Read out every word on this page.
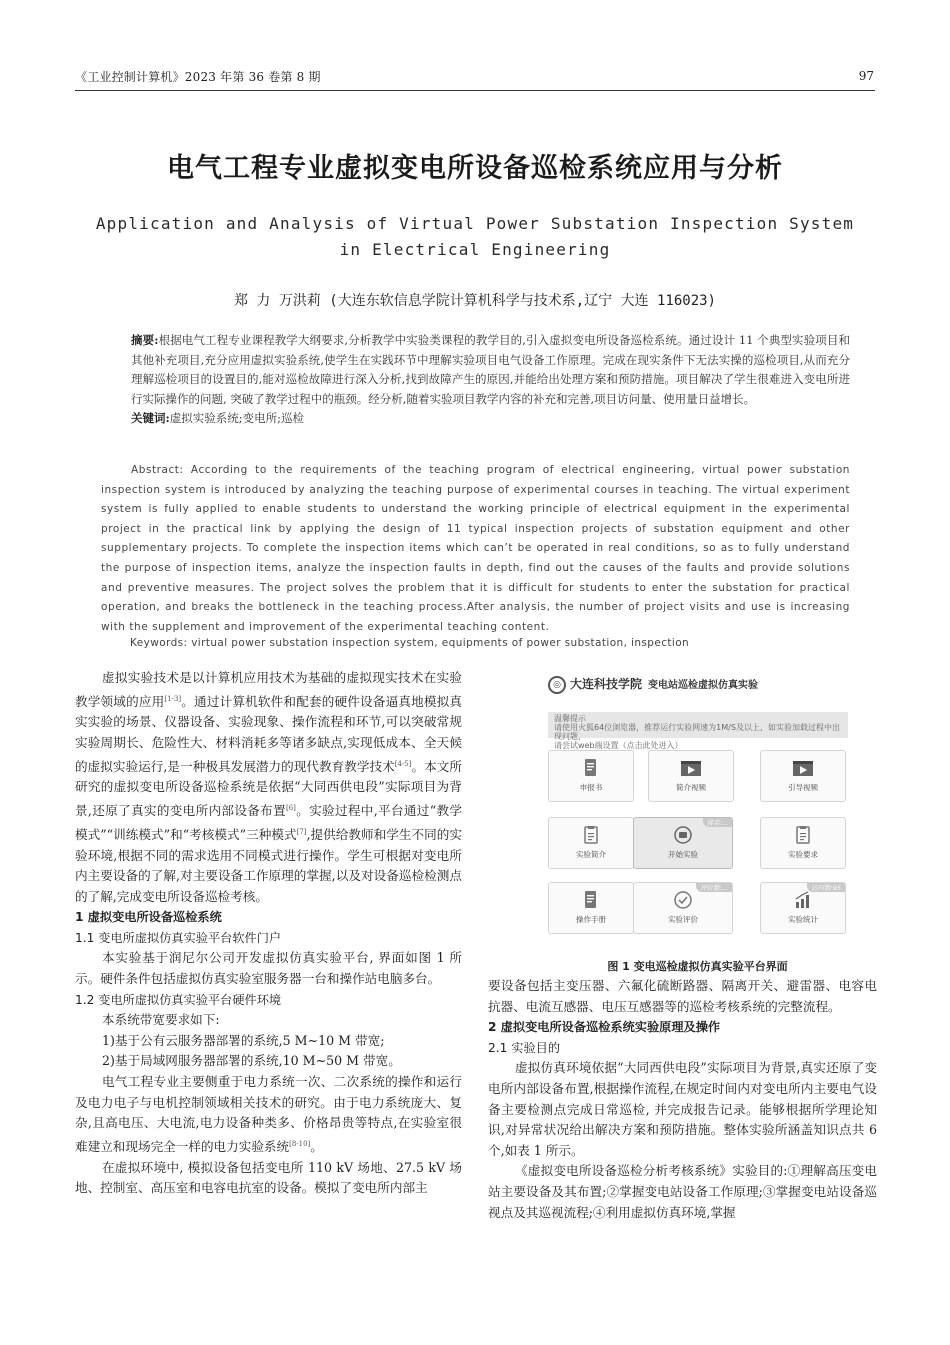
《工业控制计算机》2023 年第 36 卷第 8 期	97
电气工程专业虚拟变电所设备巡检系统应用与分析
Application and Analysis of Virtual Power Substation Inspection System
in Electrical Engineering
郑 力 万洪莉 (大连东软信息学院计算机科学与技术系,辽宁 大连 116023)
摘要:根据电气工程专业课程教学大纲要求,分析教学中实验类课程的教学目的,引入虚拟变电所设备巡检系统。通过设计 11 个典型实验项目和其他补充项目,充分应用虚拟实验系统,使学生在实践环节中理解实验项目电气设备工作原理。完成在现实条件下无法实操的巡检项目,从而充分理解巡检项目的设置目的,能对巡检故障进行深入分析,找到故障产生的原因,并能给出处理方案和预防措施。项目解决了学生很难进入变电所进行实际操作的问题, 突破了教学过程中的瓶颈。经分析,随着实验项目教学内容的补充和完善,项目访问量、使用量日益增长。
关键词:虚拟实验系统;变电所;巡检

Abstract: According to the requirements of the teaching program of electrical engineering, virtual power substation inspection system is introduced by analyzing the teaching purpose of experimental courses in teaching. The virtual experiment system is fully applied to enable students to understand the working principle of electrical equipment in the experimental project in the practical link by applying the design of 11 typical inspection projects of substation equipment and other supplementary projects. To complete the inspection items which can’t be operated in real conditions, so as to fully understand the purpose of inspection items, analyze the inspection faults in depth, find out the causes of the faults and provide solutions and preventive measures. The project solves the problem that it is difficult for students to enter the substation for practical operation, and breaks the bottleneck in the teaching process.After analysis, the number of project visits and use is increasing with the supplement and improvement of the experimental teaching content.

Keywords: virtual power substation inspection system, equipments of power substation, inspection

虚拟实验技术是以计算机应用技术为基础的虚拟现实技术在实验教学领域的应用[1-3]。通过计算机软件和配套的硬件设备逼真地模拟真实实验的场景、仪器设备、实验现象、操作流程和环节,可以突破常规实验周期长、危险性大、材料消耗多等诸多缺点,实现低成本、全天候的虚拟实验运行,是一种极具发展潜力的现代教育教学技术[4-5]。本文所研究的虚拟变电所设备巡检系统是依据“大同西供电段”实际项目为背景,还原了真实的变电所内部设备布置[6]。实验过程中,平台通过“教学模式”“训练模式”和“考核模式”三种模式[7],提供给教师和学生不同的实验环境,根据不同的需求选用不同模式进行操作。学生可根据对变电所内主要设备的了解,对主要设备工作原理的掌握,以及对设备巡检检测点的了解,完成变电所设备巡检考核。

1 虚拟变电所设备巡检系统

1.1 变电所虚拟仿真实验平台软件门户

本实验基于润尼尔公司开发虚拟仿真实验平台, 界面如图 1 所示。硬件条件包括虚拟仿真实验室服务器一台和操作站电脑多台。

1.2 变电所虚拟仿真实验平台硬件环境

本系统带宽要求如下:

1)基于公有云服务器部署的系统,5 M~10 M 带宽;

2)基于局域网服务器部署的系统,10 M~50 M 带宽。

电气工程专业主要侧重于电力系统一次、二次系统的操作和运行及电力电子与电机控制领域相关技术的研究。由于电力系统庞大、复杂,且高电压、大电流,电力设备种类多、价格昂贵等特点,在实验室很难建立和现场完全一样的电力实验系统[8-10]。

在虚拟环境中, 模拟设备包括变电所 110 kV 场地、27.5 kV 场地、控制室、高压室和电容电抗室的设备。模拟了变电所内部主

◎ 大连科技学院 变电站巡检虚拟仿真实验
温馨提示
请使用火狐64位浏览器，推荐运行实验网速为1M/S及以上，如实验加载过程中出现问题，
请尝试web端设置（点击此处进入）
申报书	简介视频	引导视频
实验简介
排名:...
开始实验	实验要求
操作手册
评价数:...
实验评价
访问数:95
实验统计
图 1 变电巡检虚拟仿真实验平台界面

要设备包括主变压器、六氟化硫断路器、隔离开关、避雷器、电容电抗器、电流互感器、电压互感器等的巡检考核系统的完整流程。

2 虚拟变电所设备巡检系统实验原理及操作

2.1 实验目的

虚拟仿真环境依据“大同西供电段”实际项目为背景,真实还原了变电所内部设备布置,根据操作流程,在规定时间内对变电所内主要电气设备主要检测点完成日常巡检, 并完成报告记录。能够根据所学理论知识,对异常状况给出解决方案和预防措施。整体实验所涵盖知识点共 6 个,如表 1 所示。

《虚拟变电所设备巡检分析考核系统》实验目的:①理解高压变电站主要设备及其布置;②掌握变电站设备工作原理;③掌握变电站设备巡视点及其巡视流程;④利用虚拟仿真环境,掌握
